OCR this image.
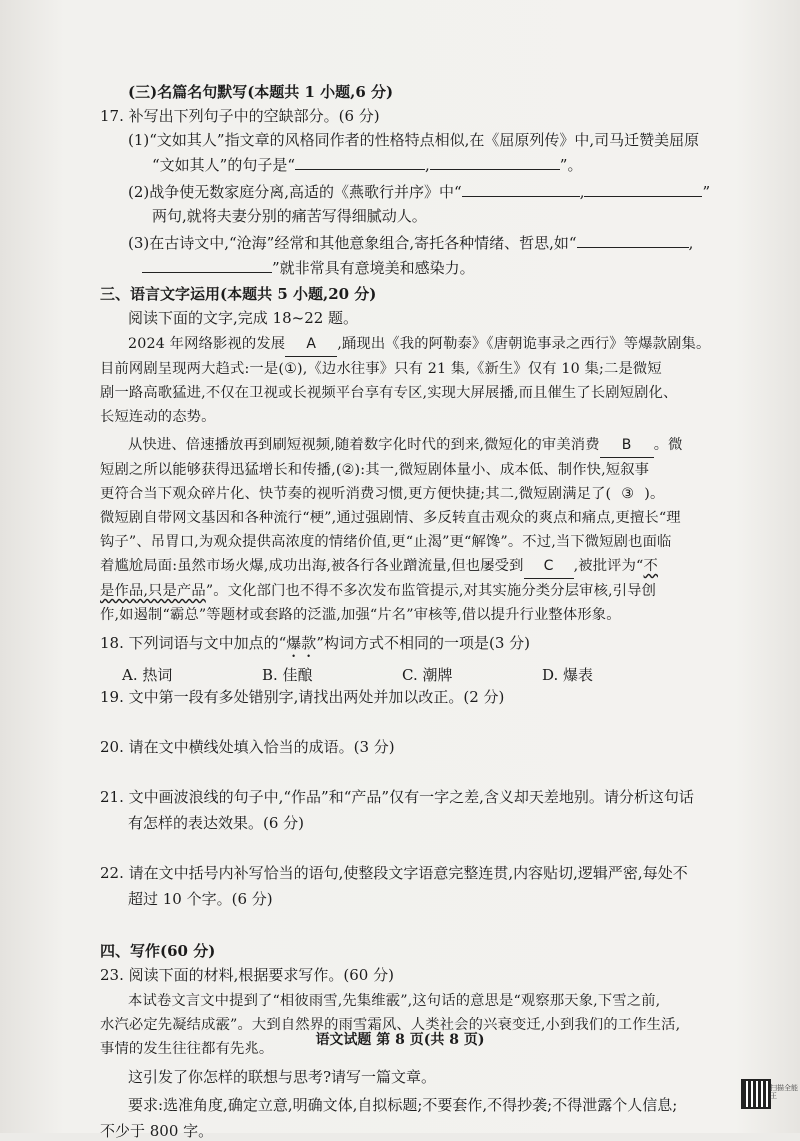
(三)名篇名句默写(本题共 1 小题,6 分)
17. 补写出下列句子中的空缺部分。(6 分)
(1)“文如其人”指文章的风格同作者的性格特点相似,在《屈原列传》中,司马迁赞美屈原
“文如其人”的句子是“	,	”。
(2)战争使无数家庭分离,高适的《燕歌行并序》中“	,	”
两句,就将夫妻分别的痛苦写得细腻动人。
(3)在古诗文中,“沧海”经常和其他意象组合,寄托各种情绪、哲思,如“	,
”就非常具有意境美和感染力。
三、语言文字运用(本题共 5 小题,20 分)
阅读下面的文字,完成 18~22 题。
2024 年网络影视的发展 A ,踊现出《我的阿勒泰》《唐朝诡事录之西行》等爆款剧集。
目前网剧呈现两大趋式:一是(①),《边水往事》只有 21 集,《新生》仅有 10 集;二是微短
剧一路高歌猛进,不仅在卫视或长视频平台享有专区,实现大屏展播,而且催生了长剧短剧化、
长短连动的态势。
从快进、倍速播放再到刷短视频,随着数字化时代的到来,微短化的审美消费 B 。微
短剧之所以能够获得迅猛增长和传播,(②):其一,微短剧体量小、成本低、制作快,短叙事
更符合当下观众碎片化、快节奏的视听消费习惯,更方便快捷;其二,微短剧满足了( ③ )。
微短剧自带网文基因和各种流行“梗”,通过强剧情、多反转直击观众的爽点和痛点,更擅长“理
钩子”、吊胃口,为观众提供高浓度的情绪价值,更“止渴”更“解馋”。不过,当下微短剧也面临
着尴尬局面:虽然市场火爆,成功出海,被各行各业蹭流量,但也屡受到 C ,被批评为“不
是作品,只是产品”。文化部门也不得不多次发布监管提示,对其实施分类分层审核,引导创
作,如遏制“霸总”等题材或套路的泛滥,加强“片名”审核等,借以提升行业整体形象。
18. 下列词语与文中加点的“爆款”构词方式不相同的一项是(3 分)
A. 热词	B. 佳酿	C. 潮牌	D. 爆表
19. 文中第一段有多处错别字,请找出两处并加以改正。(2 分)
20. 请在文中横线处填入恰当的成语。(3 分)
21. 文中画波浪线的句子中,“作品”和“产品”仅有一字之差,含义却天差地别。请分析这句话
有怎样的表达效果。(6 分)
22. 请在文中括号内补写恰当的语句,使整段文字语意完整连贯,内容贴切,逻辑严密,每处不
超过 10 个字。(6 分)
四、写作(60 分)
23. 阅读下面的材料,根据要求写作。(60 分)
本试卷文言文中提到了“相彼雨雪,先集维霰”,这句话的意思是“观察那天象,下雪之前,
水汽必定先凝结成霰”。大到自然界的雨雪霜风、人类社会的兴衰变迁,小到我们的工作生活,
事情的发生往往都有先兆。
这引发了你怎样的联想与思考?请写一篇文章。
要求:选准角度,确定立意,明确文体,自拟标题;不要套作,不得抄袭;不得泄露个人信息;
不少于 800 字。
语文试题 第 8 页(共 8 页)
扫描全能王
